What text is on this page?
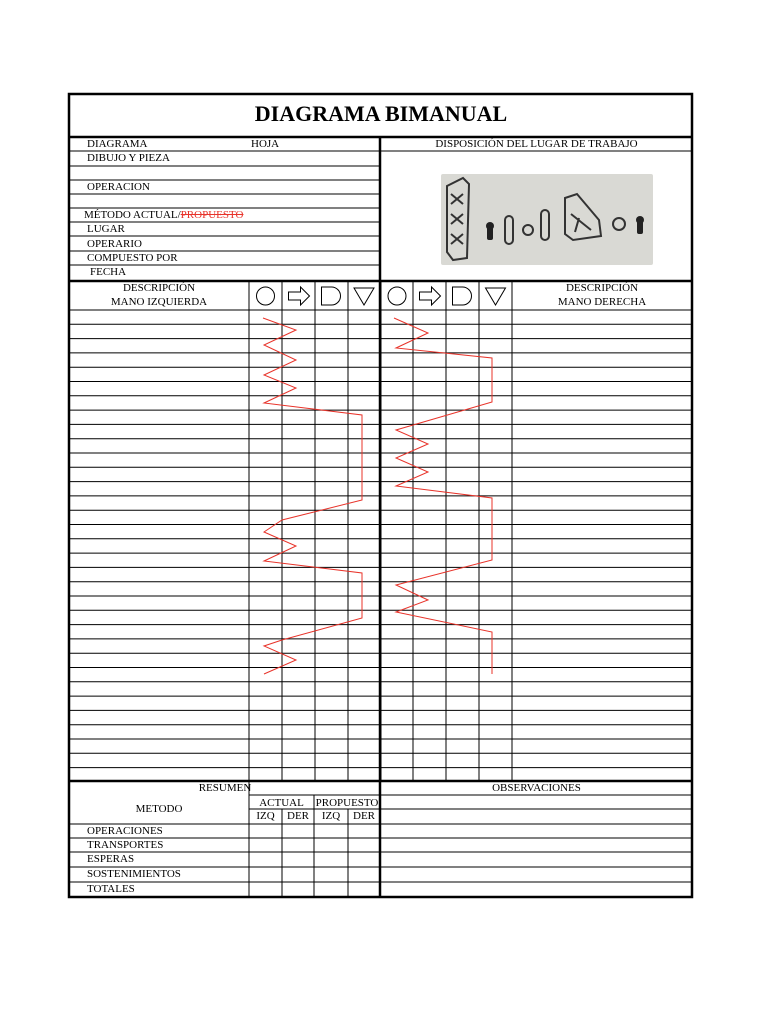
DIAGRAMA BIMANUAL
DIAGRAMA	HOJA
DIBUJO Y PIEZA
OPERACION
MÉTODO ACTUAL/PROPUESTO
LUGAR
OPERARIO
COMPUESTO POR
FECHA
DISPOSICIÓN DEL LUGAR DE TRABAJO
DESCRIPCIÓN
MANO IZQUIERDA
DESCRIPCIÓN
MANO DERECHA
RESUMEN	OBSERVACIONES
METODO	ACTUAL	PROPUESTO
IZQ	DER	IZQ	DER
OPERACIONES
TRANSPORTES
ESPERAS
SOSTENIMIENTOS
TOTALES
